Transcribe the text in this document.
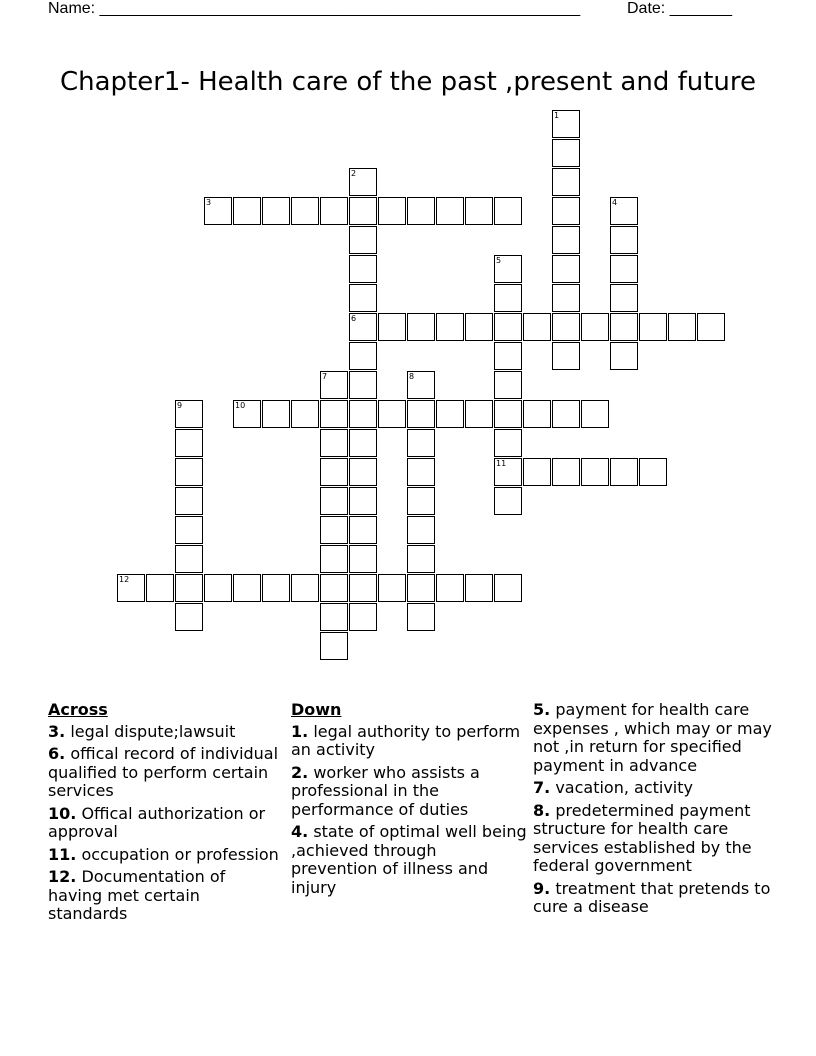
Name: ______________________________________________________	Date: _______
Chapter1- Health care of the past ,present and future
3
1
2
6
4
5
11
7	8
9	10
12
Across
3. legal dispute;lawsuit
6. offical record of individual qualified to perform certain services
10. Offical authorization or approval
11. occupation or profession
12. Documentation of having met certain standards
Down
1. legal authority to perform an activity
2. worker who assists a professional in the performance of duties
4. state of optimal well being ,achieved through prevention of illness and injury
5. payment for health care expenses , which may or may not ,in return for specified payment in advance
7. vacation, activity
8. predetermined payment structure for health care services established by the federal government
9. treatment that pretends to cure a disease
